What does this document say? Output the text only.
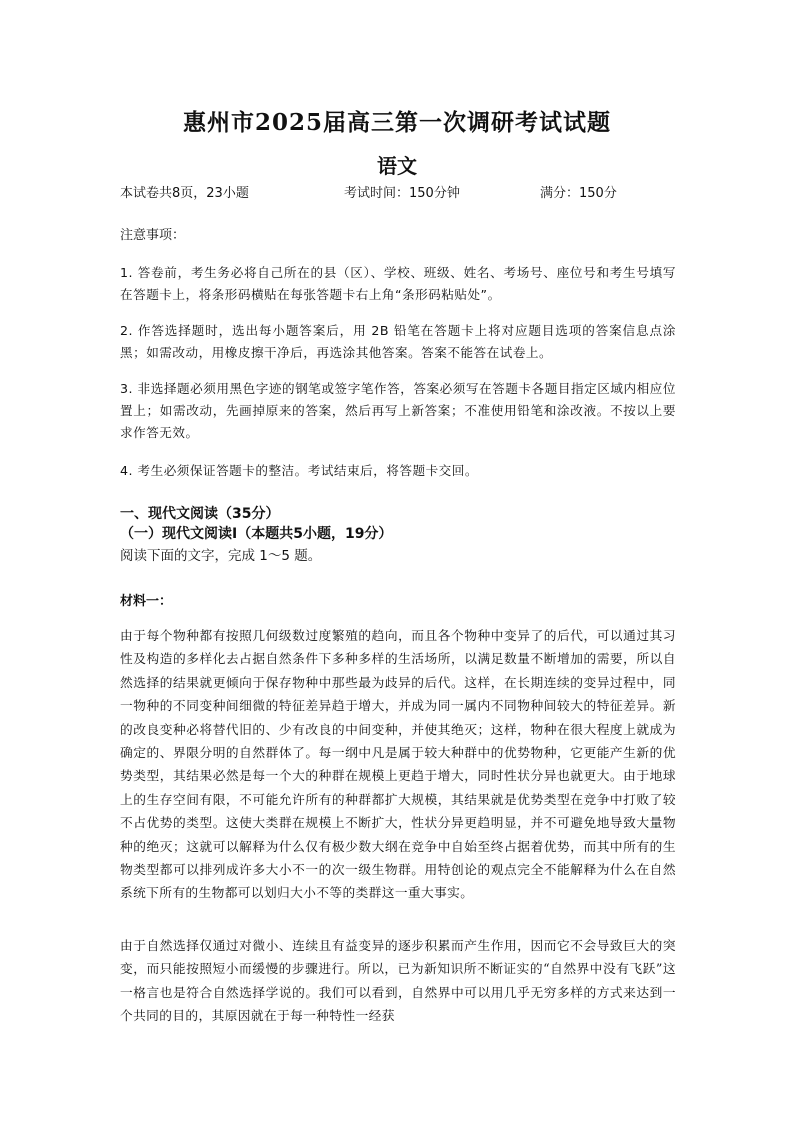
惠州市2025届高三第一次调研考试试题
语文
本试卷共8页，23小题	考试时间：150分钟	满分：150分
注意事项：
1. 答卷前，考生务必将自己所在的县（区）、学校、班级、姓名、考场号、座位号和考生号填写在答题卡上，将条形码横贴在每张答题卡右上角“条形码粘贴处”。
2. 作答选择题时，选出每小题答案后，用 2B 铅笔在答题卡上将对应题目选项的答案信息点涂黑；如需改动，用橡皮擦干净后，再选涂其他答案。答案不能答在试卷上。
3. 非选择题必须用黑色字迹的钢笔或签字笔作答，答案必须写在答题卡各题目指定区域内相应位置上；如需改动，先画掉原来的答案，然后再写上新答案；不准使用铅笔和涂改液。不按以上要求作答无效。
4. 考生必须保证答题卡的整洁。考试结束后，将答题卡交回。
一、现代文阅读（35分）
（一）现代文阅读Ⅰ（本题共5小题，19分）
阅读下面的文字，完成 1～5 题。
材料一：
由于每个物种都有按照几何级数过度繁殖的趋向，而且各个物种中变异了的后代，可以通过其习性及构造的多样化去占据自然条件下多种多样的生活场所，以满足数量不断增加的需要，所以自然选择的结果就更倾向于保存物种中那些最为歧异的后代。这样，在长期连续的变异过程中，同一物种的不同变种间细微的特征差异趋于增大，并成为同一属内不同物种间较大的特征差异。新的改良变种必将替代旧的、少有改良的中间变种，并使其绝灭；这样，物种在很大程度上就成为确定的、界限分明的自然群体了。每一纲中凡是属于较大种群中的优势物种，它更能产生新的优势类型，其结果必然是每一个大的种群在规模上更趋于增大，同时性状分异也就更大。由于地球上的生存空间有限，不可能允许所有的种群都扩大规模，其结果就是优势类型在竞争中打败了较不占优势的类型。这使大类群在规模上不断扩大，性状分异更趋明显，并不可避免地导致大量物种的绝灭；这就可以解释为什么仅有极少数大纲在竞争中自始至终占据着优势，而其中所有的生物类型都可以排列成许多大小不一的次一级生物群。用特创论的观点完全不能解释为什么在自然系统下所有的生物都可以划归大小不等的类群这一重大事实。
由于自然选择仅通过对微小、连续且有益变异的逐步积累而产生作用，因而它不会导致巨大的突变，而只能按照短小而缓慢的步骤进行。所以，已为新知识所不断证实的“自然界中没有飞跃”这一格言也是符合自然选择学说的。我们可以看到，自然界中可以用几乎无穷多样的方式来达到一个共同的目的，其原因就在于每一种特性一经获
